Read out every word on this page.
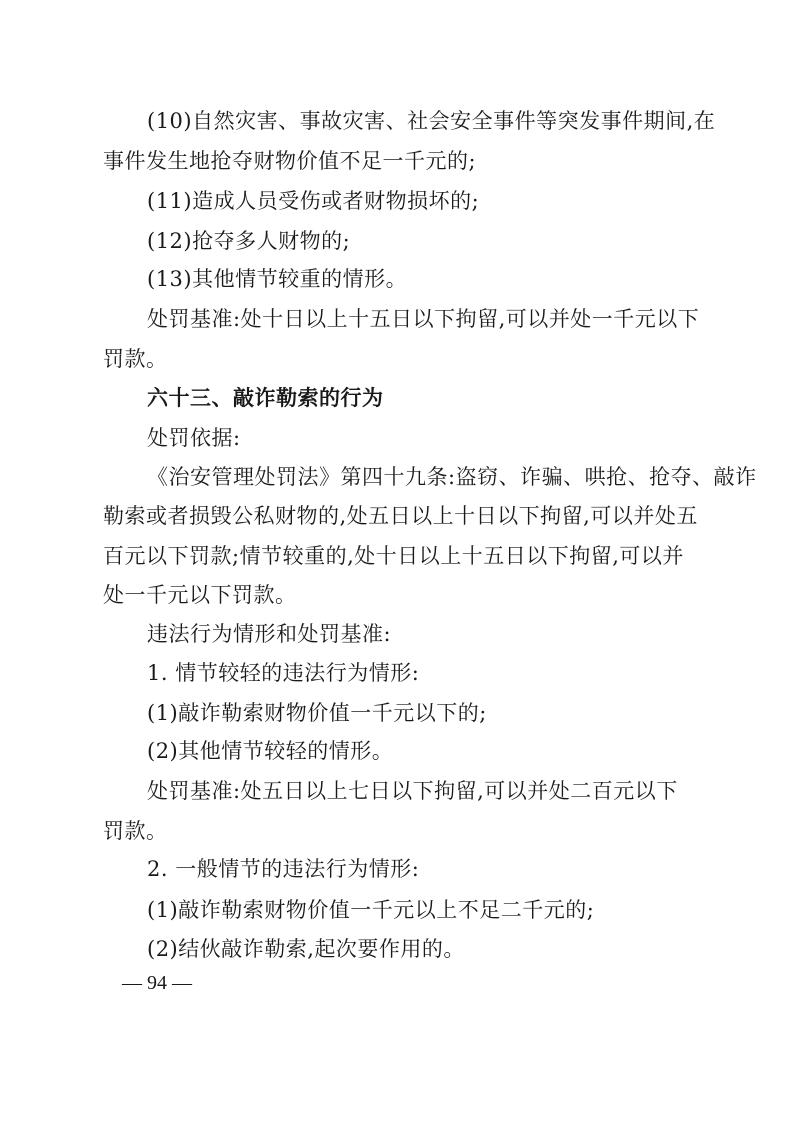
(10)自然灾害、事故灾害、社会安全事件等突发事件期间,在
事件发生地抢夺财物价值不足一千元的;
(11)造成人员受伤或者财物损坏的;
(12)抢夺多人财物的;
(13)其他情节较重的情形。
处罚基准:处十日以上十五日以下拘留,可以并处一千元以下
罚款。
六十三、敲诈勒索的行为
处罚依据:
《治安管理处罚法》第四十九条:盗窃、诈骗、哄抢、抢夺、敲诈
勒索或者损毁公私财物的,处五日以上十日以下拘留,可以并处五
百元以下罚款;情节较重的,处十日以上十五日以下拘留,可以并
处一千元以下罚款。
违法行为情形和处罚基准:
1. 情节较轻的违法行为情形:
(1)敲诈勒索财物价值一千元以下的;
(2)其他情节较轻的情形。
处罚基准:处五日以上七日以下拘留,可以并处二百元以下
罚款。
2. 一般情节的违法行为情形:
(1)敲诈勒索财物价值一千元以上不足二千元的;
(2)结伙敲诈勒索,起次要作用的。
— 94 —
